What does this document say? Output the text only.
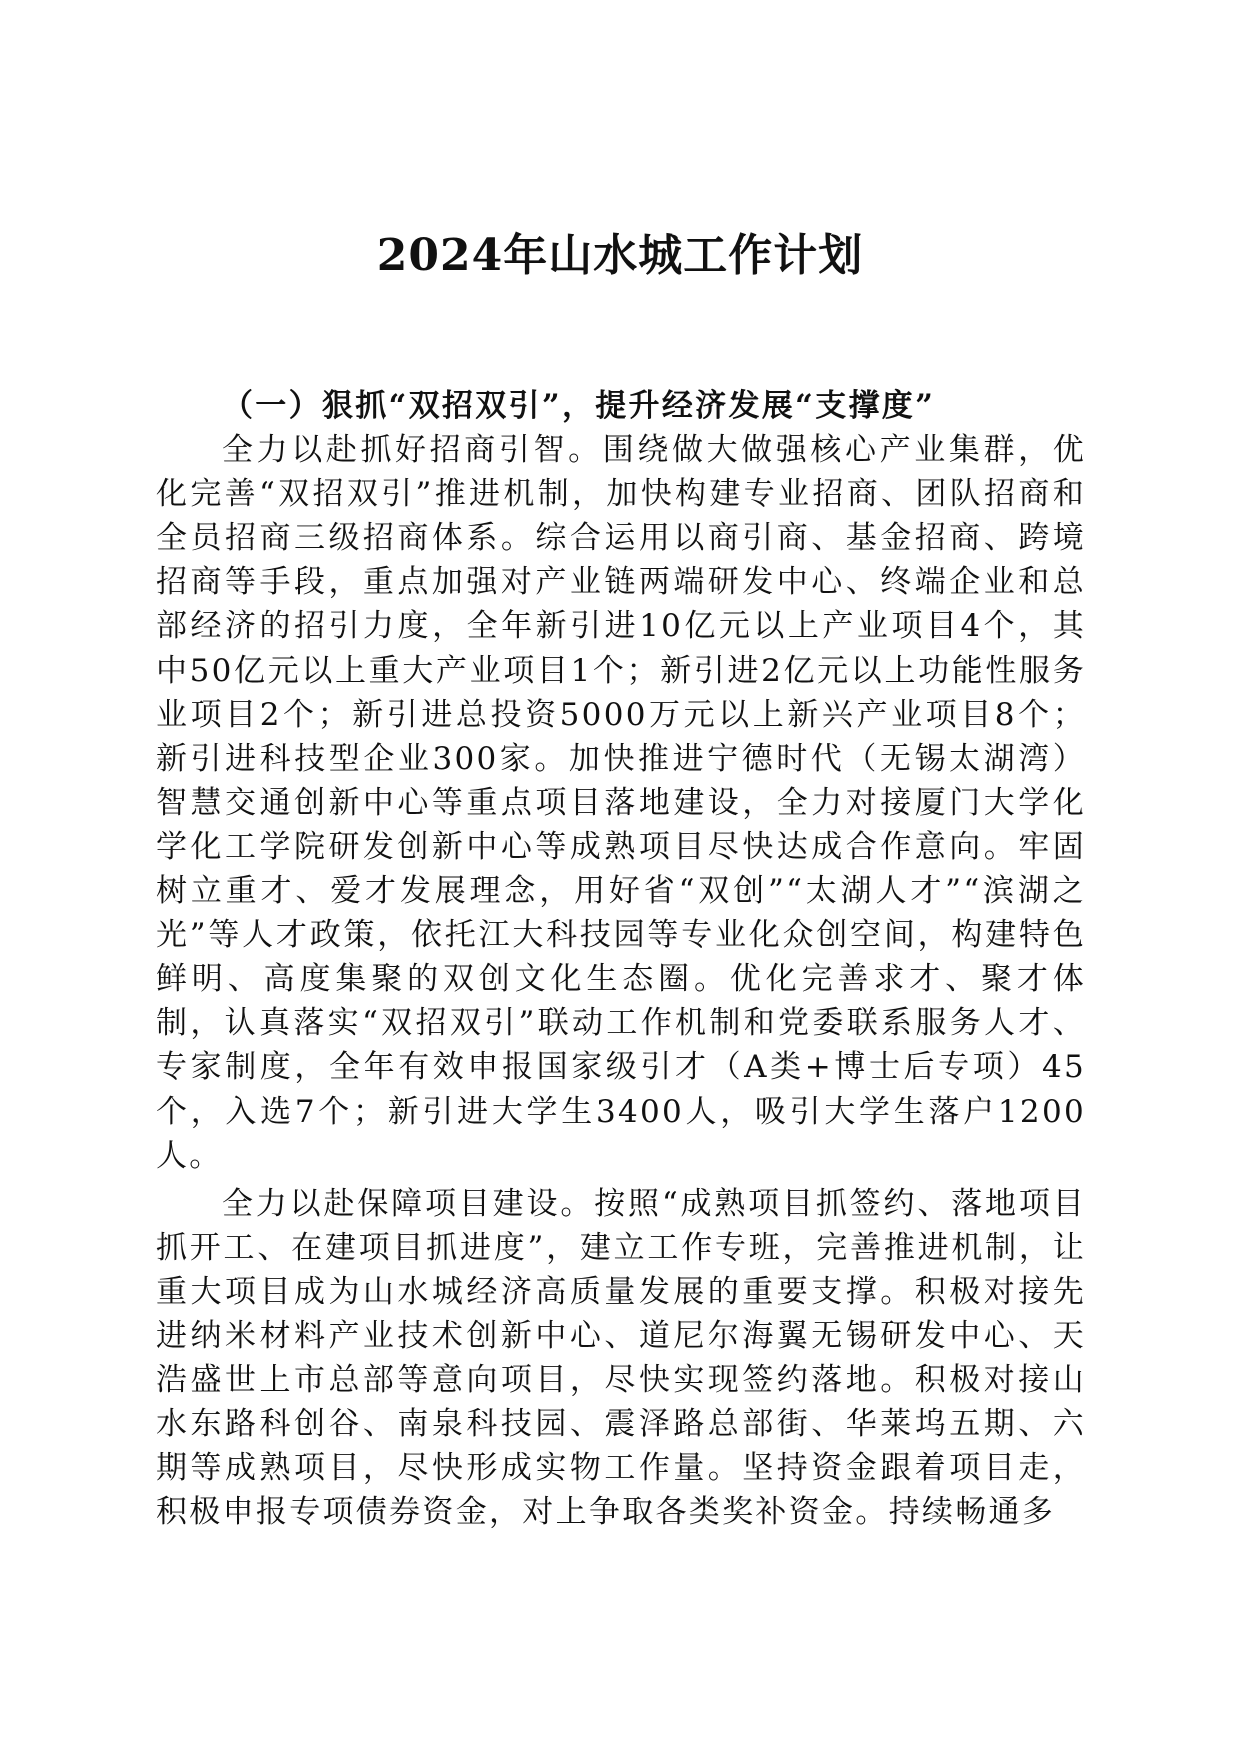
2024年山水城工作计划
（一）狠抓“双招双引”，提升经济发展“支撑度”

全力以赴抓好招商引智。围绕做大做强核心产业集群，优化完善“双招双引”推进机制，加快构建专业招商、团队招商和全员招商三级招商体系。综合运用以商引商、基金招商、跨境招商等手段，重点加强对产业链两端研发中心、终端企业和总部经济的招引力度，全年新引进10亿元以上产业项目4个，其中50亿元以上重大产业项目1个；新引进2亿元以上功能性服务业项目2个；新引进总投资5000万元以上新兴产业项目8个；新引进科技型企业300家。加快推进宁德时代（无锡太湖湾）智慧交通创新中心等重点项目落地建设，全力对接厦门大学化学化工学院研发创新中心等成熟项目尽快达成合作意向。牢固树立重才、爱才发展理念，用好省“双创”“太湖人才”“滨湖之光”等人才政策，依托江大科技园等专业化众创空间，构建特色鲜明、高度集聚的双创文化生态圈。优化完善求才、聚才体制，认真落实“双招双引”联动工作机制和党委联系服务人才、专家制度，全年有效申报国家级引才（A类+博士后专项）45个，入选7个；新引进大学生3400人，吸引大学生落户1200人。

全力以赴保障项目建设。按照“成熟项目抓签约、落地项目抓开工、在建项目抓进度”，建立工作专班，完善推进机制，让重大项目成为山水城经济高质量发展的重要支撑。积极对接先进纳米材料产业技术创新中心、道尼尔海翼无锡研发中心、天浩盛世上市总部等意向项目，尽快实现签约落地。积极对接山水东路科创谷、南泉科技园、震泽路总部街、华莱坞五期、六期等成熟项目，尽快形成实物工作量。坚持资金跟着项目走，积极申报专项债券资金，对上争取各类奖补资金。持续畅通多
